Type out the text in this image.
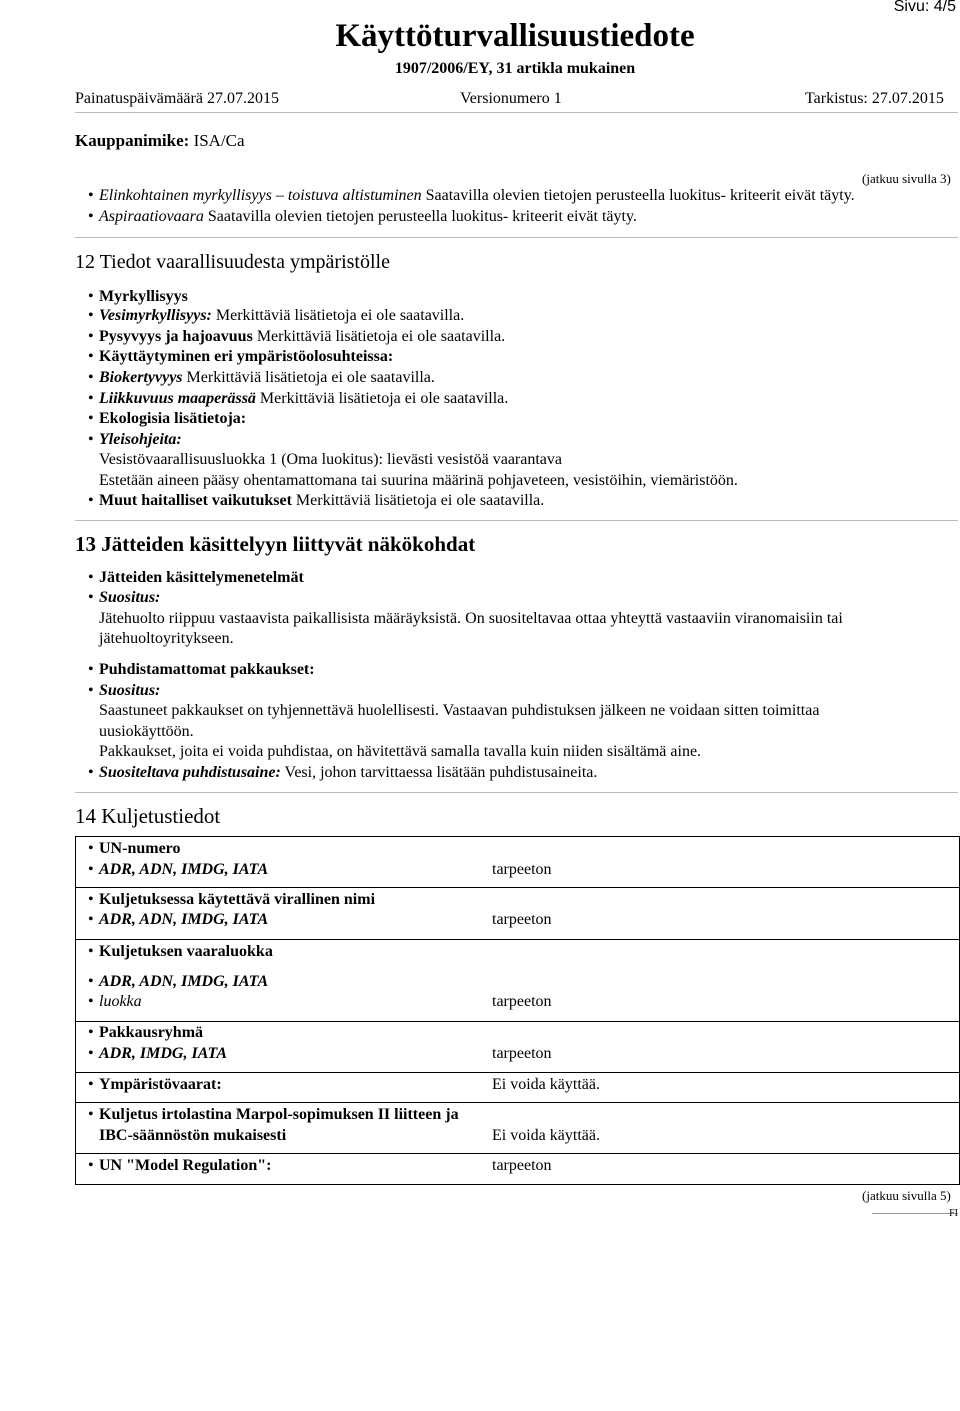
Sivu: 4/5
Käyttöturvallisuustiedote
1907/2006/EY, 31 artikla mukainen
Painatuspäivämäärä 27.07.2015	Versionumero 1	Tarkistus: 27.07.2015
Kauppanimike: ISA/Ca
(jatkuu sivulla 3)
• Elinkohtainen myrkyllisyys – toistuva altistuminen Saatavilla olevien tietojen perusteella luokitus- kriteerit eivät täyty.
• Aspiraatiovaara Saatavilla olevien tietojen perusteella luokitus- kriteerit eivät täyty.
12 Tiedot vaarallisuudesta ympäristölle
• Myrkyllisyys
• Vesimyrkyllisyys: Merkittäviä lisätietoja ei ole saatavilla.
• Pysyvyys ja hajoavuus Merkittäviä lisätietoja ei ole saatavilla.
• Käyttäytyminen eri ympäristöolosuhteissa:
• Biokertyvyys Merkittäviä lisätietoja ei ole saatavilla.
• Liikkuvuus maaperässä Merkittäviä lisätietoja ei ole saatavilla.
• Ekologisia lisätietoja:
• Yleisohjeita:
Vesistövaarallisuusluokka 1 (Oma luokitus): lievästi vesistöä vaarantava
Estetään aineen pääsy ohentamattomana tai suurina määrinä pohjaveteen, vesistöihin, viemäristöön.
• Muut haitalliset vaikutukset Merkittäviä lisätietoja ei ole saatavilla.
13 Jätteiden käsittelyyn liittyvät näkökohdat
• Jätteiden käsittelymenetelmät
• Suositus:
Jätehuolto riippuu vastaavista paikallisista määräyksistä. On suositeltavaa ottaa yhteyttä vastaaviin viranomaisiin tai
jätehuoltoyritykseen.
• Puhdistamattomat pakkaukset:
• Suositus:
Saastuneet pakkaukset on tyhjennettävä huolellisesti. Vastaavan puhdistuksen jälkeen ne voidaan sitten toimittaa
uusiokäyttöön.
Pakkaukset, joita ei voida puhdistaa, on hävitettävä samalla tavalla kuin niiden sisältämä aine.
• Suositeltava puhdistusaine: Vesi, johon tarvittaessa lisätään puhdistusaineita.
14 Kuljetustiedot
• UN-numero
• ADR, ADN, IMDG, IATA	tarpeeton
• Kuljetuksessa käytettävä virallinen nimi
• ADR, ADN, IMDG, IATA	tarpeeton
• Kuljetuksen vaaraluokka
• ADR, ADN, IMDG, IATA
• luokka	tarpeeton
• Pakkausryhmä
• ADR, IMDG, IATA	tarpeeton
• Ympäristövaarat:	Ei voida käyttää.
• Kuljetus irtolastina Marpol-sopimuksen II liitteen ja
IBC-säännöstön mukaisesti	Ei voida käyttää.
• UN "Model Regulation":	tarpeeton
(jatkuu sivulla 5)
FI
